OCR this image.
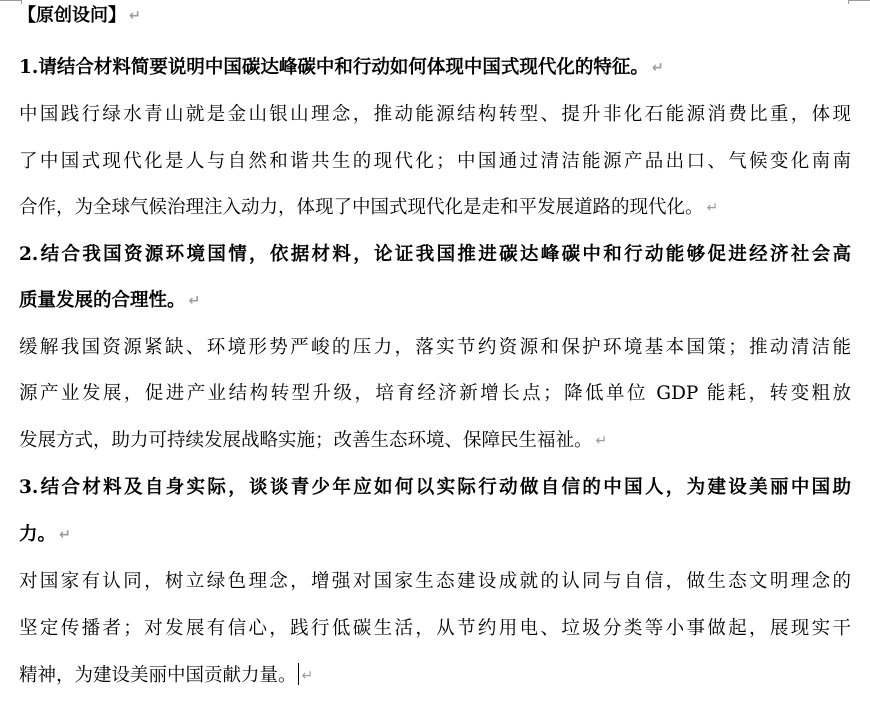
【原创设问】 ↵
1.请结合材料简要说明中国碳达峰碳中和行动如何体现中国式现代化的特征。 ↵
中国践行绿水青山就是金山银山理念，推动能源结构转型、提升非化石能源消费比重，体现
了中国式现代化是人与自然和谐共生的现代化；中国通过清洁能源产品出口、气候变化南南
合作，为全球气候治理注入动力，体现了中国式现代化是走和平发展道路的现代化。 ↵
2.结合我国资源环境国情，依据材料，论证我国推进碳达峰碳中和行动能够促进经济社会高
质量发展的合理性。 ↵
缓解我国资源紧缺、环境形势严峻的压力，落实节约资源和保护环境基本国策；推动清洁能
源产业发展，促进产业结构转型升级，培育经济新增长点；降低单位 GDP 能耗，转变粗放
发展方式，助力可持续发展战略实施；改善生态环境、保障民生福祉。 ↵
3.结合材料及自身实际，谈谈青少年应如何以实际行动做自信的中国人，为建设美丽中国助
力。 ↵
对国家有认同，树立绿色理念，增强对国家生态建设成就的认同与自信，做生态文明理念的
坚定传播者；对发展有信心，践行低碳生活，从节约用电、垃圾分类等小事做起，展现实干
精神，为建设美丽中国贡献力量。 ↵
